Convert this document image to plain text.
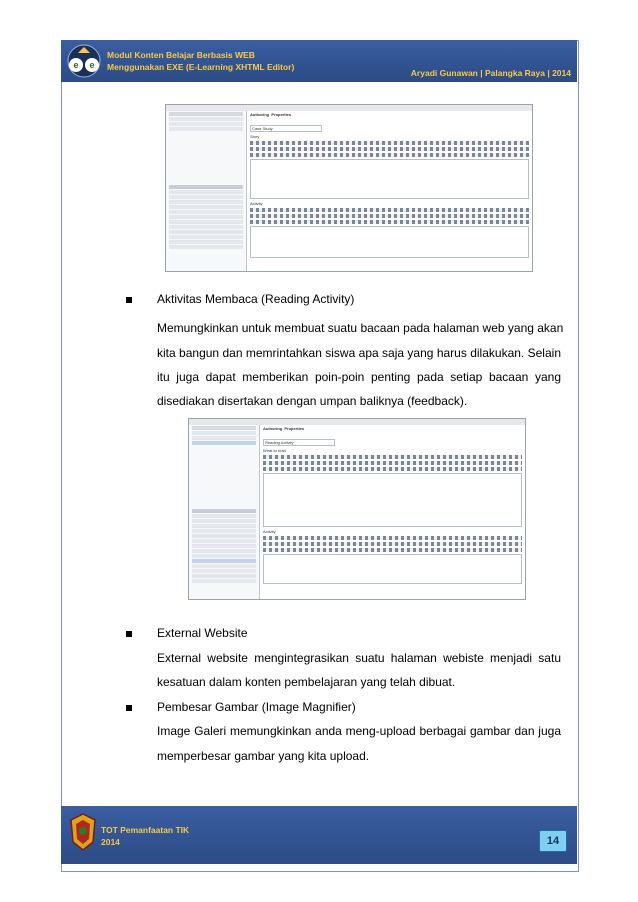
e e
Modul Konten Belajar Berbasis WEB
Menggunakan EXE (E-Learning XHTML Editor)
Aryadi Gunawan | Palangka Raya | 2014
Authoring Properties
Case Study
Story
Activity
Aktivitas Membaca (Reading Activity)
Memungkinkan untuk membuat suatu bacaan pada halaman web yang akan
kita bangun dan memrintahkan siswa apa saja yang harus dilakukan. Selain
itu juga dapat memberikan poin-poin penting pada setiap bacaan yang
disediakan disertakan dengan umpan baliknya (feedback).
Authoring Properties
Reading Activity
What to read
Activity
External Website
External website mengintegrasikan suatu halaman webiste menjadi satu
kesatuan dalam konten pembelajaran yang telah dibuat.
Pembesar Gambar (Image Magnifier)
Image Galeri memungkinkan anda meng-upload berbagai gambar dan juga
memperbesar gambar yang kita upload.
TOT Pemanfaatan TIK
2014	14
